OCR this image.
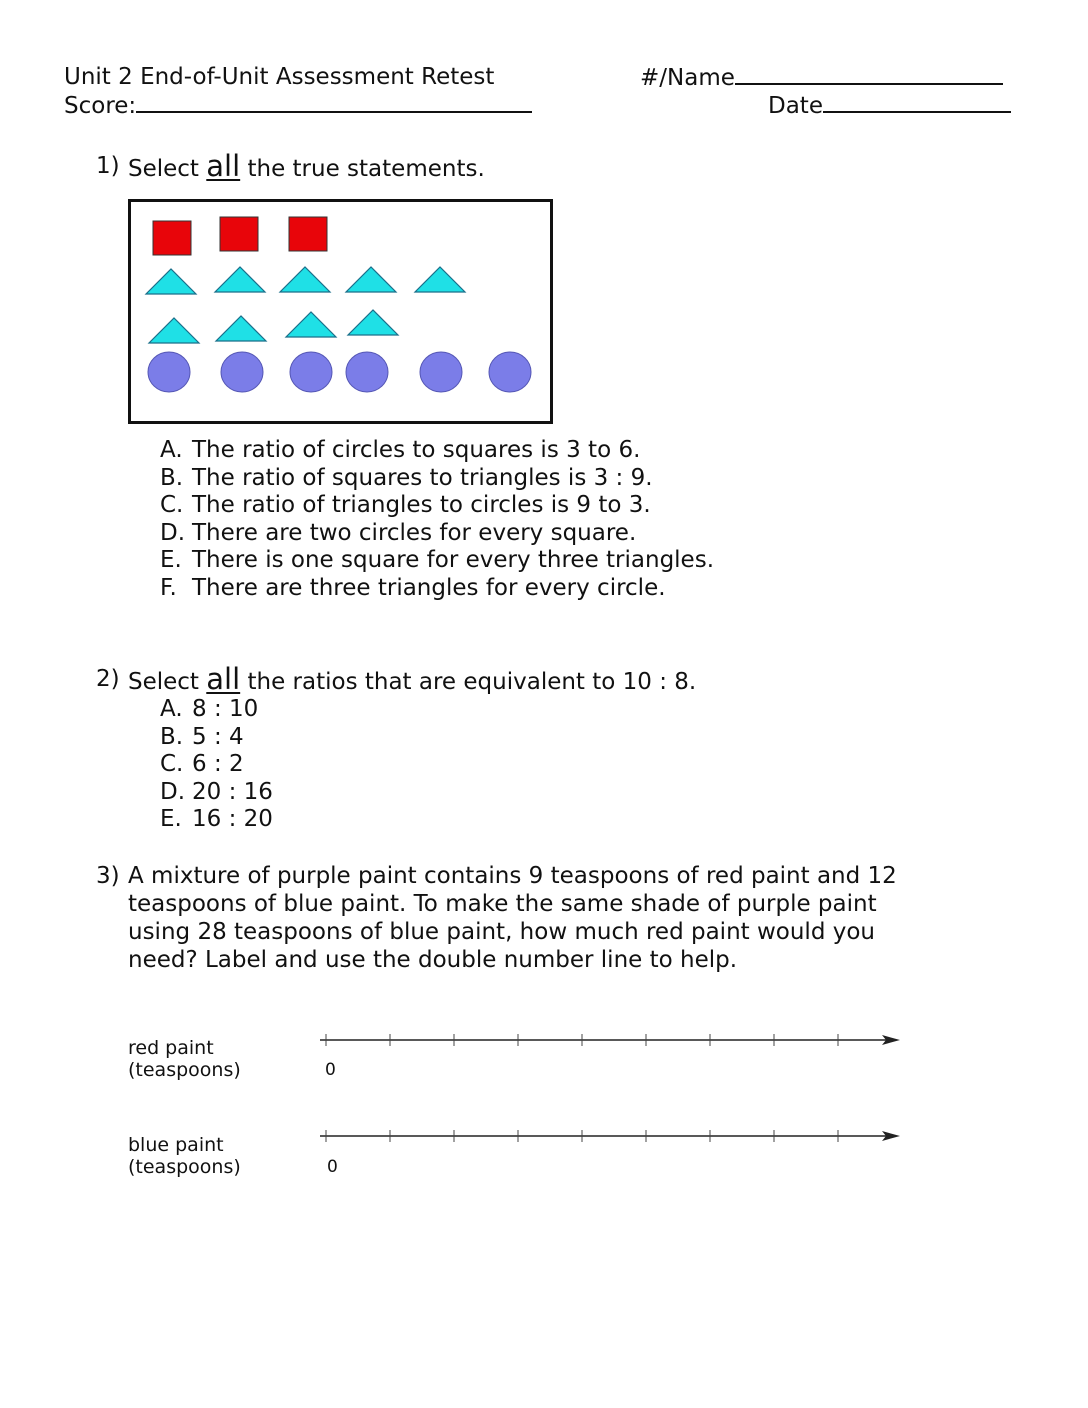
Unit 2 End-of-Unit Assessment Retest	#/Name
Score:	Date
1) Select all the true statements.
A. The ratio of circles to squares is 3 to 6.
B. The ratio of squares to triangles is 3 : 9.
C. The ratio of triangles to circles is 9 to 3.
D. There are two circles for every square.
E. There is one square for every three triangles.
F. There are three triangles for every circle.
2) Select all the ratios that are equivalent to 10 : 8.
A. 8 : 10
B. 5 : 4
C. 6 : 2
D. 20 : 16
E. 16 : 20
3) A mixture of purple paint contains 9 teaspoons of red paint and 12
teaspoons of blue paint. To make the same shade of purple paint
using 28 teaspoons of blue paint, how much red paint would you
need? Label and use the double number line to help.
red paint
(teaspoons)	0
blue paint
(teaspoons)	0
